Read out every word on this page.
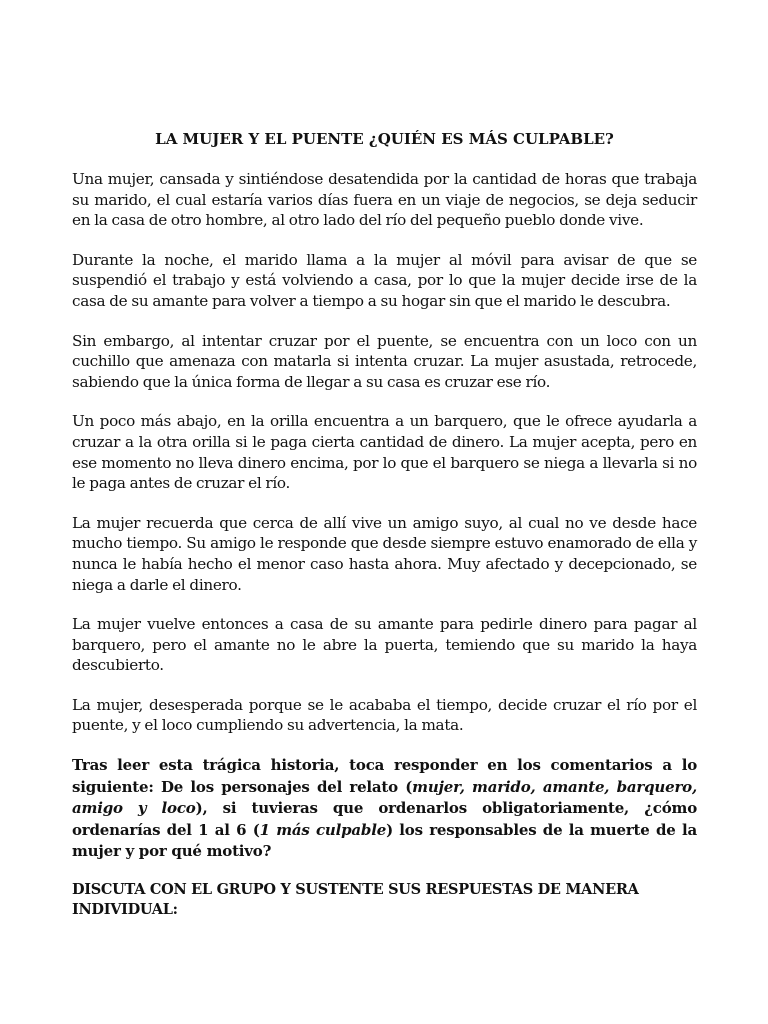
LA MUJER Y EL PUENTE ¿QUIÉN ES MÁS CULPABLE?

Una mujer, cansada y sintiéndose desatendida por la cantidad de horas que trabaja su marido, el cual estaría varios días fuera en un viaje de negocios, se deja seducir en la casa de otro hombre, al otro lado del río del pequeño pueblo donde vive.

Durante la noche, el marido llama a la mujer al móvil para avisar de que se suspendió el trabajo y está volviendo a casa, por lo que la mujer decide irse de la casa de su amante para volver a tiempo a su hogar sin que el marido le descubra.

Sin embargo, al intentar cruzar por el puente, se encuentra con un loco con un cuchillo que amenaza con matarla si intenta cruzar. La mujer asustada, retrocede, sabiendo que la única forma de llegar a su casa es cruzar ese río.

Un poco más abajo, en la orilla encuentra a un barquero, que le ofrece ayudarla a cruzar a la otra orilla si le paga cierta cantidad de dinero. La mujer acepta, pero en ese momento no lleva dinero encima, por lo que el barquero se niega a llevarla si no le paga antes de cruzar el río.

La mujer recuerda que cerca de allí vive un amigo suyo, al cual no ve desde hace mucho tiempo. Su amigo le responde que desde siempre estuvo enamorado de ella y nunca le había hecho el menor caso hasta ahora. Muy afectado y decepcionado, se niega a darle el dinero.

La mujer vuelve entonces a casa de su amante para pedirle dinero para pagar al barquero, pero el amante no le abre la puerta, temiendo que su marido la haya descubierto.

La mujer, desesperada porque se le acababa el tiempo, decide cruzar el río por el puente, y el loco cumpliendo su advertencia, la mata.

Tras leer esta trágica historia, toca responder en los comentarios a lo siguiente: De los personajes del relato (mujer, marido, amante, barquero, amigo y loco), si tuvieras que ordenarlos obligatoriamente, ¿cómo ordenarías del 1 al 6 (1 más culpable) los responsables de la muerte de la mujer y por qué motivo?

DISCUTA CON EL GRUPO Y SUSTENTE SUS RESPUESTAS DE MANERA INDIVIDUAL:
